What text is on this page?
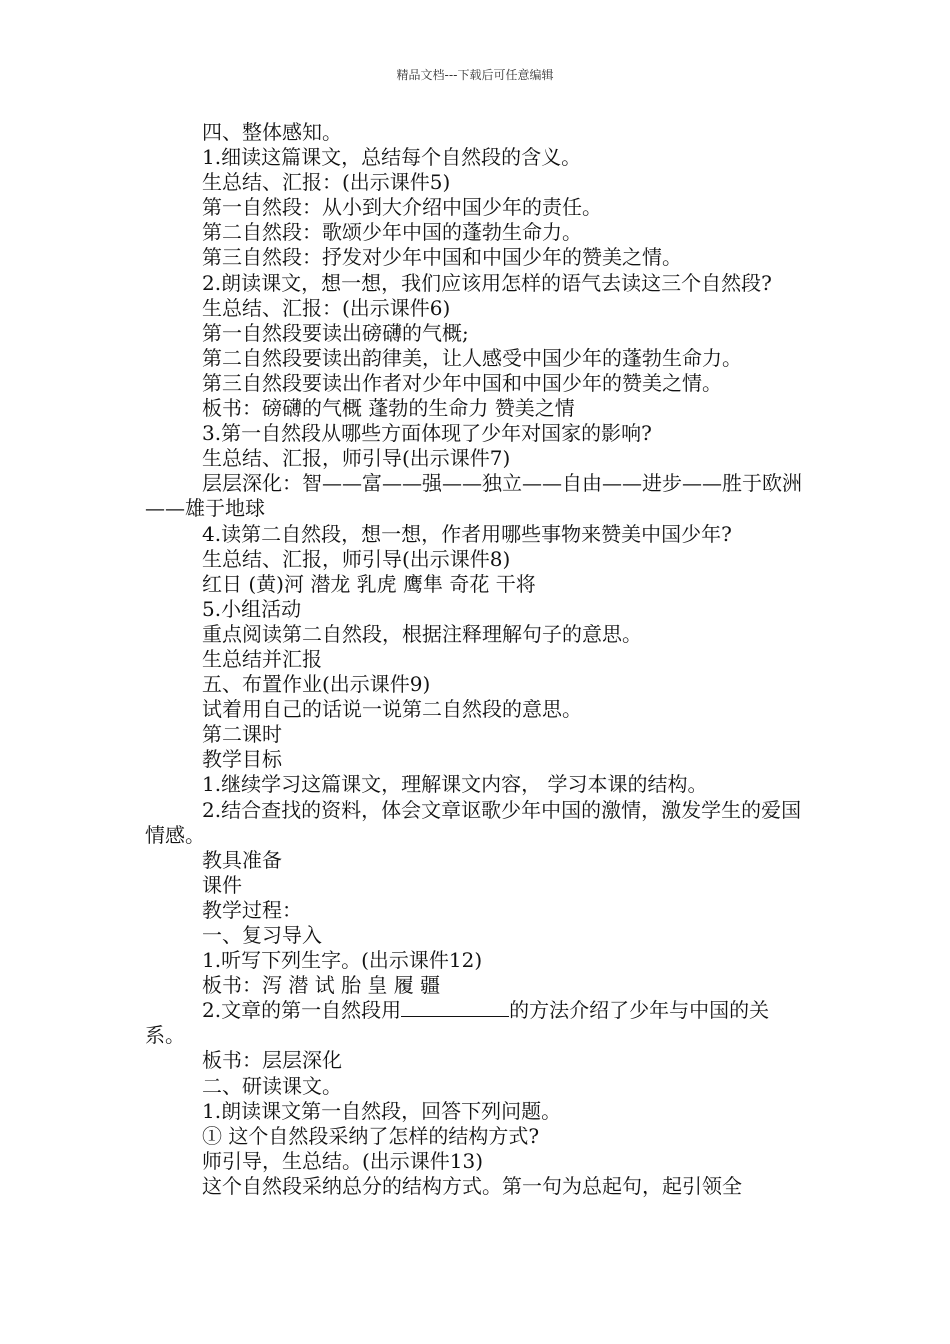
精品文档---下载后可任意编辑

四、整体感知。

1.细读这篇课文，总结每个自然段的含义。

生总结、汇报：(出示课件5)

第一自然段：从小到大介绍中国少年的责任。

第二自然段：歌颂少年中国的蓬勃生命力。

第三自然段：抒发对少年中国和中国少年的赞美之情。

2.朗读课文，想一想，我们应该用怎样的语气去读这三个自然段?

生总结、汇报：(出示课件6)

第一自然段要读出磅礴的气概;

第二自然段要读出韵律美，让人感受中国少年的蓬勃生命力。

第三自然段要读出作者对少年中国和中国少年的赞美之情。

板书：磅礴的气概 蓬勃的生命力 赞美之情

3.第一自然段从哪些方面体现了少年对国家的影响?

生总结、汇报，师引导(出示课件7)

层层深化：智——富——强——独立——自由——进步——胜于欧洲——雄于地球

4.读第二自然段，想一想，作者用哪些事物来赞美中国少年?

生总结、汇报，师引导(出示课件8)

红日 (黄)河 潜龙 乳虎 鹰隼 奇花 干将

5.小组活动

重点阅读第二自然段，根据注释理解句子的意思。

生总结并汇报

五、布置作业(出示课件9)

试着用自己的话说一说第二自然段的意思。

第二课时

教学目标

1.继续学习这篇课文，理解课文内容， 学习本课的结构。

2.结合查找的资料，体会文章讴歌少年中国的激情，激发学生的爱国情感。

教具准备

课件

教学过程：

一、复习导入

1.听写下列生字。(出示课件12)

板书：泻 潜 试 胎 皇 履 疆

2.文章的第一自然段用	的方法介绍了少年与中国的关系。

板书：层层深化

二、研读课文。

1.朗读课文第一自然段，回答下列问题。

① 这个自然段采纳了怎样的结构方式?

师引导，生总结。(出示课件13)

这个自然段采纳总分的结构方式。第一句为总起句，起引领全
